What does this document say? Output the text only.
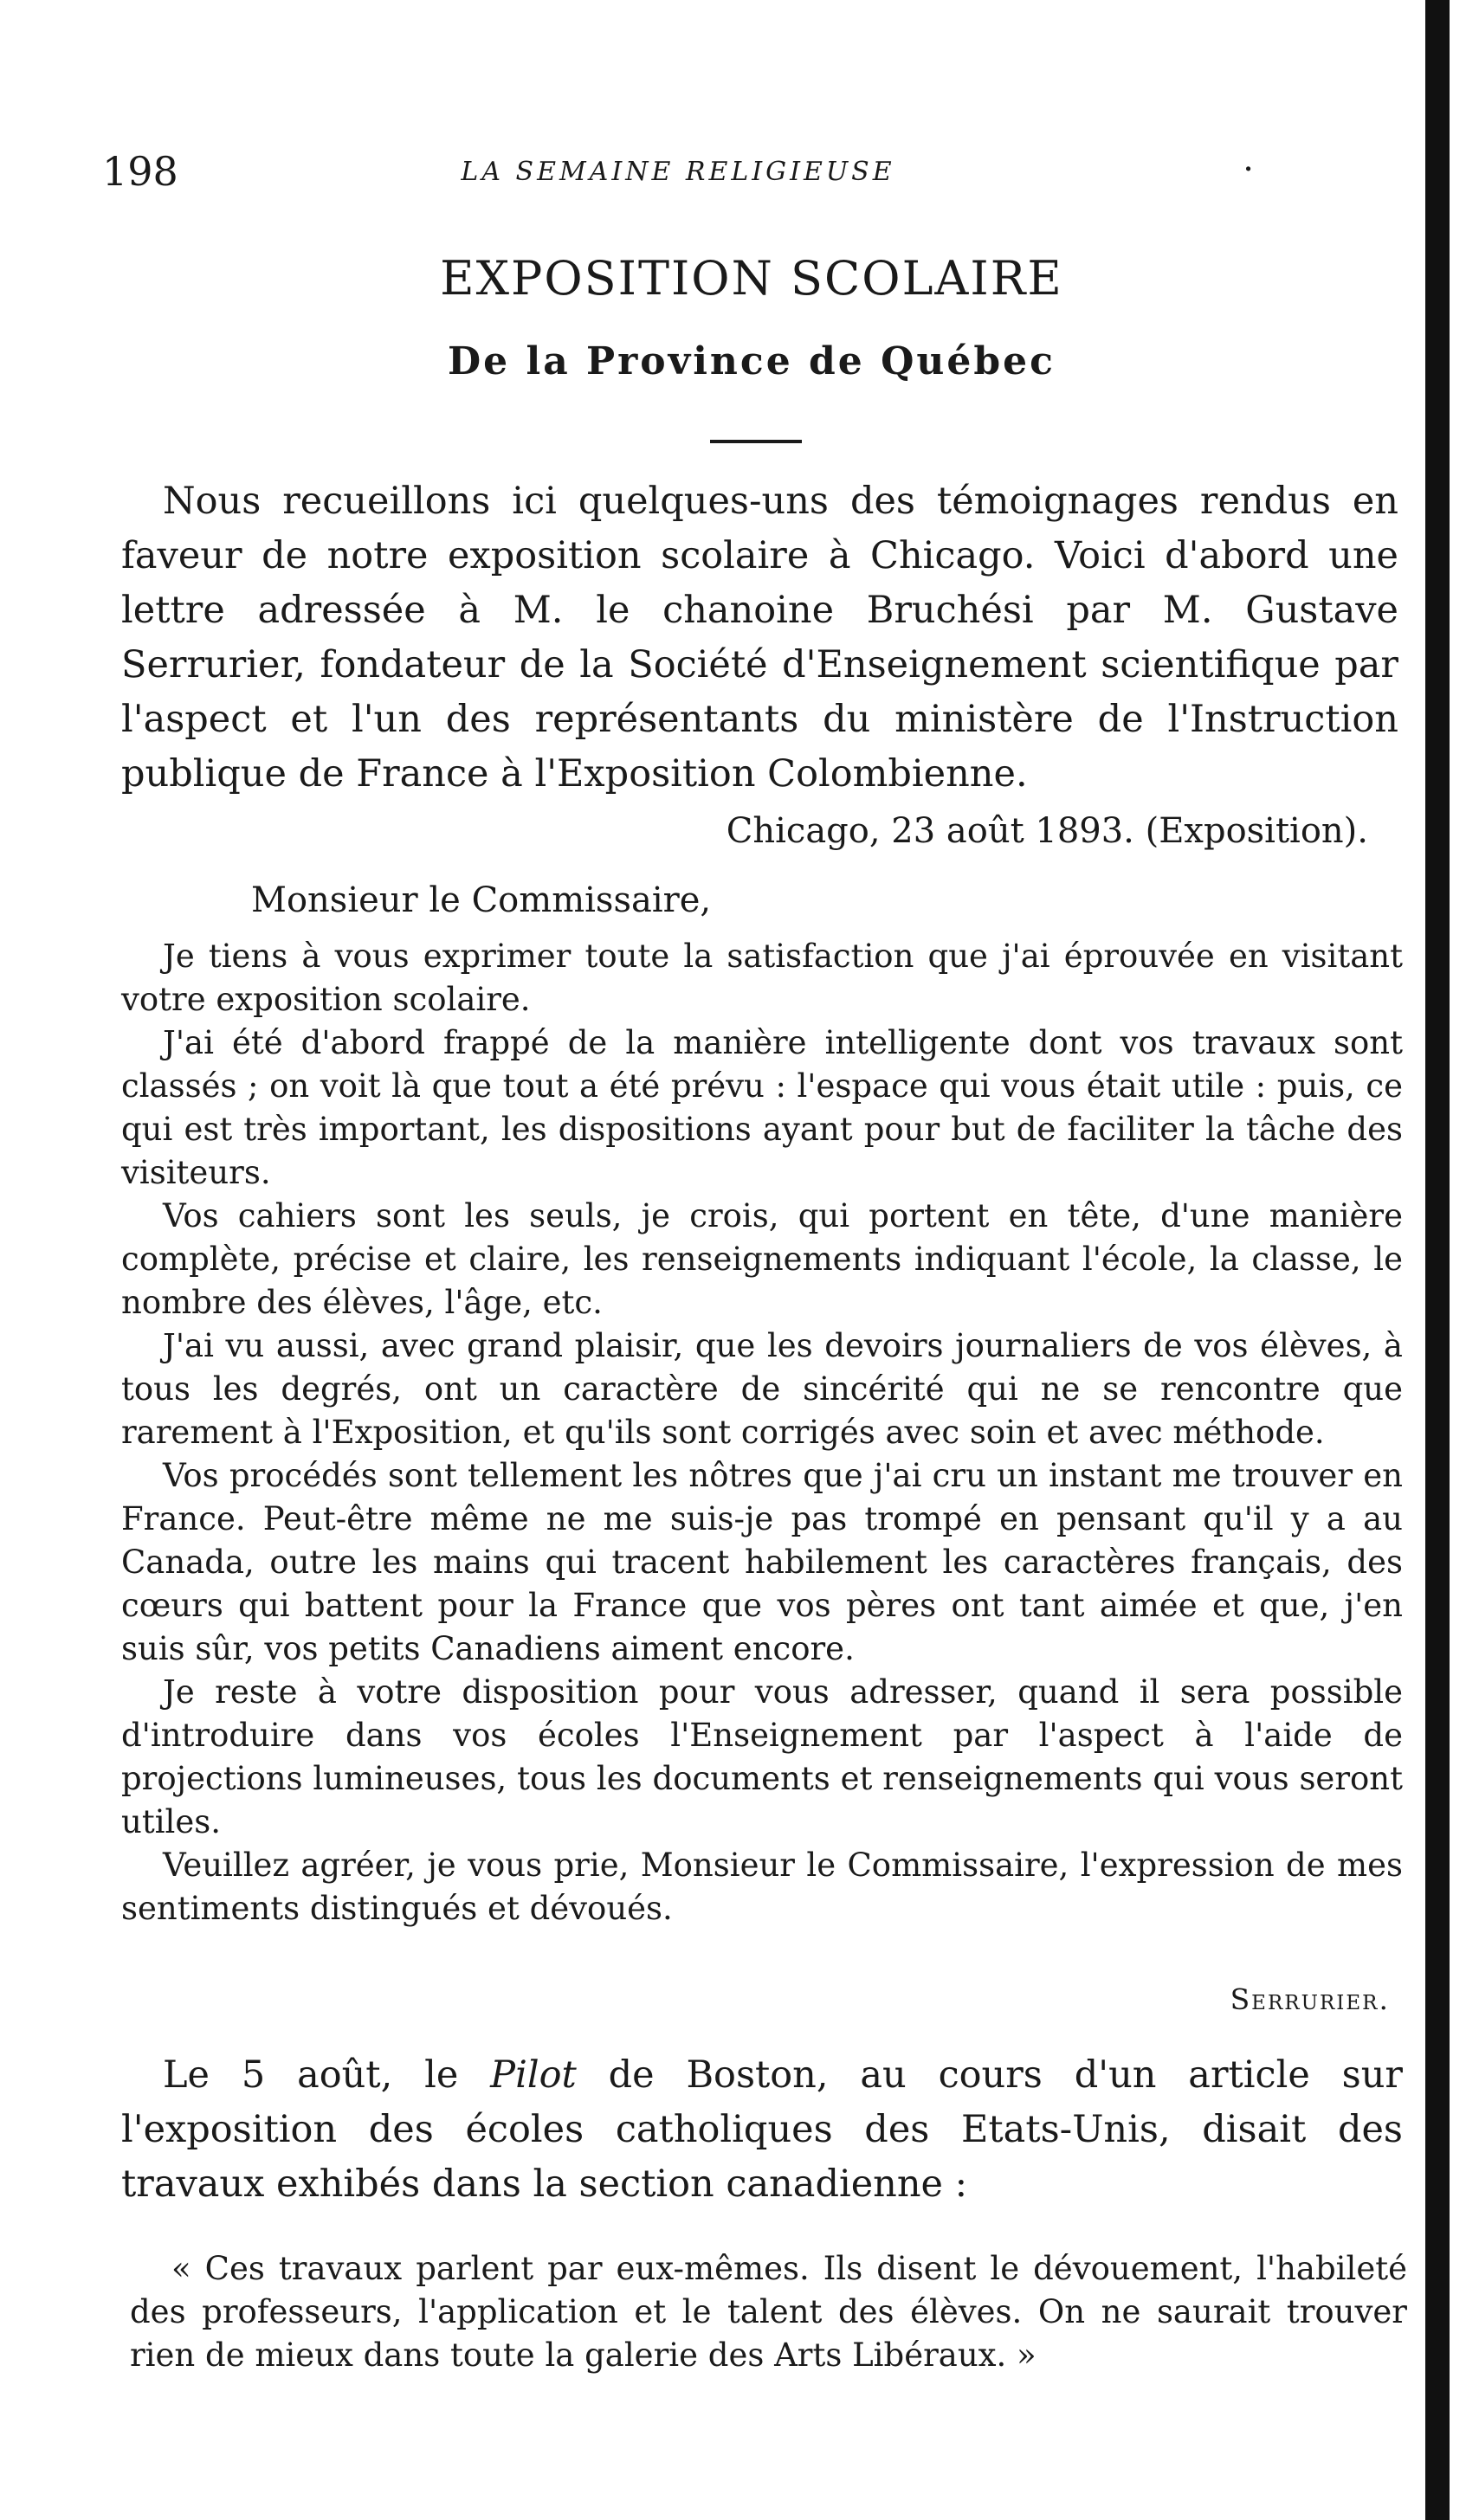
198	LA SEMAINE RELIGIEUSE	·
EXPOSITION SCOLAIRE
De la Province de Québec

Nous recueillons ici quelques-uns des témoignages rendus en faveur de notre exposition scolaire à Chicago. Voici d'abord une lettre adressée à M. le chanoine Bruchési par M. Gustave Serrurier, fondateur de la Société d'Enseignement scientifique par l'aspect et l'un des représentants du ministère de l'Instruction publique de France à l'Exposition Colombienne.

Chicago, 23 août 1893. (Exposition).
Monsieur le Commissaire,

Je tiens à vous exprimer toute la satisfaction que j'ai éprouvée en visitant votre exposition scolaire.

J'ai été d'abord frappé de la manière intelligente dont vos travaux sont classés ; on voit là que tout a été prévu : l'espace qui vous était utile : puis, ce qui est très important, les dispositions ayant pour but de faciliter la tâche des visiteurs.

Vos cahiers sont les seuls, je crois, qui portent en tête, d'une manière complète, précise et claire, les renseignements indiquant l'école, la classe, le nombre des élèves, l'âge, etc.

J'ai vu aussi, avec grand plaisir, que les devoirs journaliers de vos élèves, à tous les degrés, ont un caractère de sincérité qui ne se rencontre que rarement à l'Exposition, et qu'ils sont corrigés avec soin et avec méthode.

Vos procédés sont tellement les nôtres que j'ai cru un instant me trouver en France. Peut-être même ne me suis-je pas trompé en pensant qu'il y a au Canada, outre les mains qui tracent habilement les caractères français, des cœurs qui battent pour la France que vos pères ont tant aimée et que, j'en suis sûr, vos petits Canadiens aiment encore.

Je reste à votre disposition pour vous adresser, quand il sera possible d'introduire dans vos écoles l'Enseignement par l'aspect à l'aide de projections lumineuses, tous les documents et renseignements qui vous seront utiles.

Veuillez agréer, je vous prie, Monsieur le Commissaire, l'expression de mes sentiments distingués et dévoués.

Serrurier.

Le 5 août, le Pilot de Boston, au cours d'un article sur l'exposition des écoles catholiques des Etats-Unis, disait des travaux exhibés dans la section canadienne :

« Ces travaux parlent par eux-mêmes. Ils disent le dévouement, l'habileté des professeurs, l'application et le talent des élèves. On ne saurait trouver rien de mieux dans toute la galerie des Arts Libéraux. »
